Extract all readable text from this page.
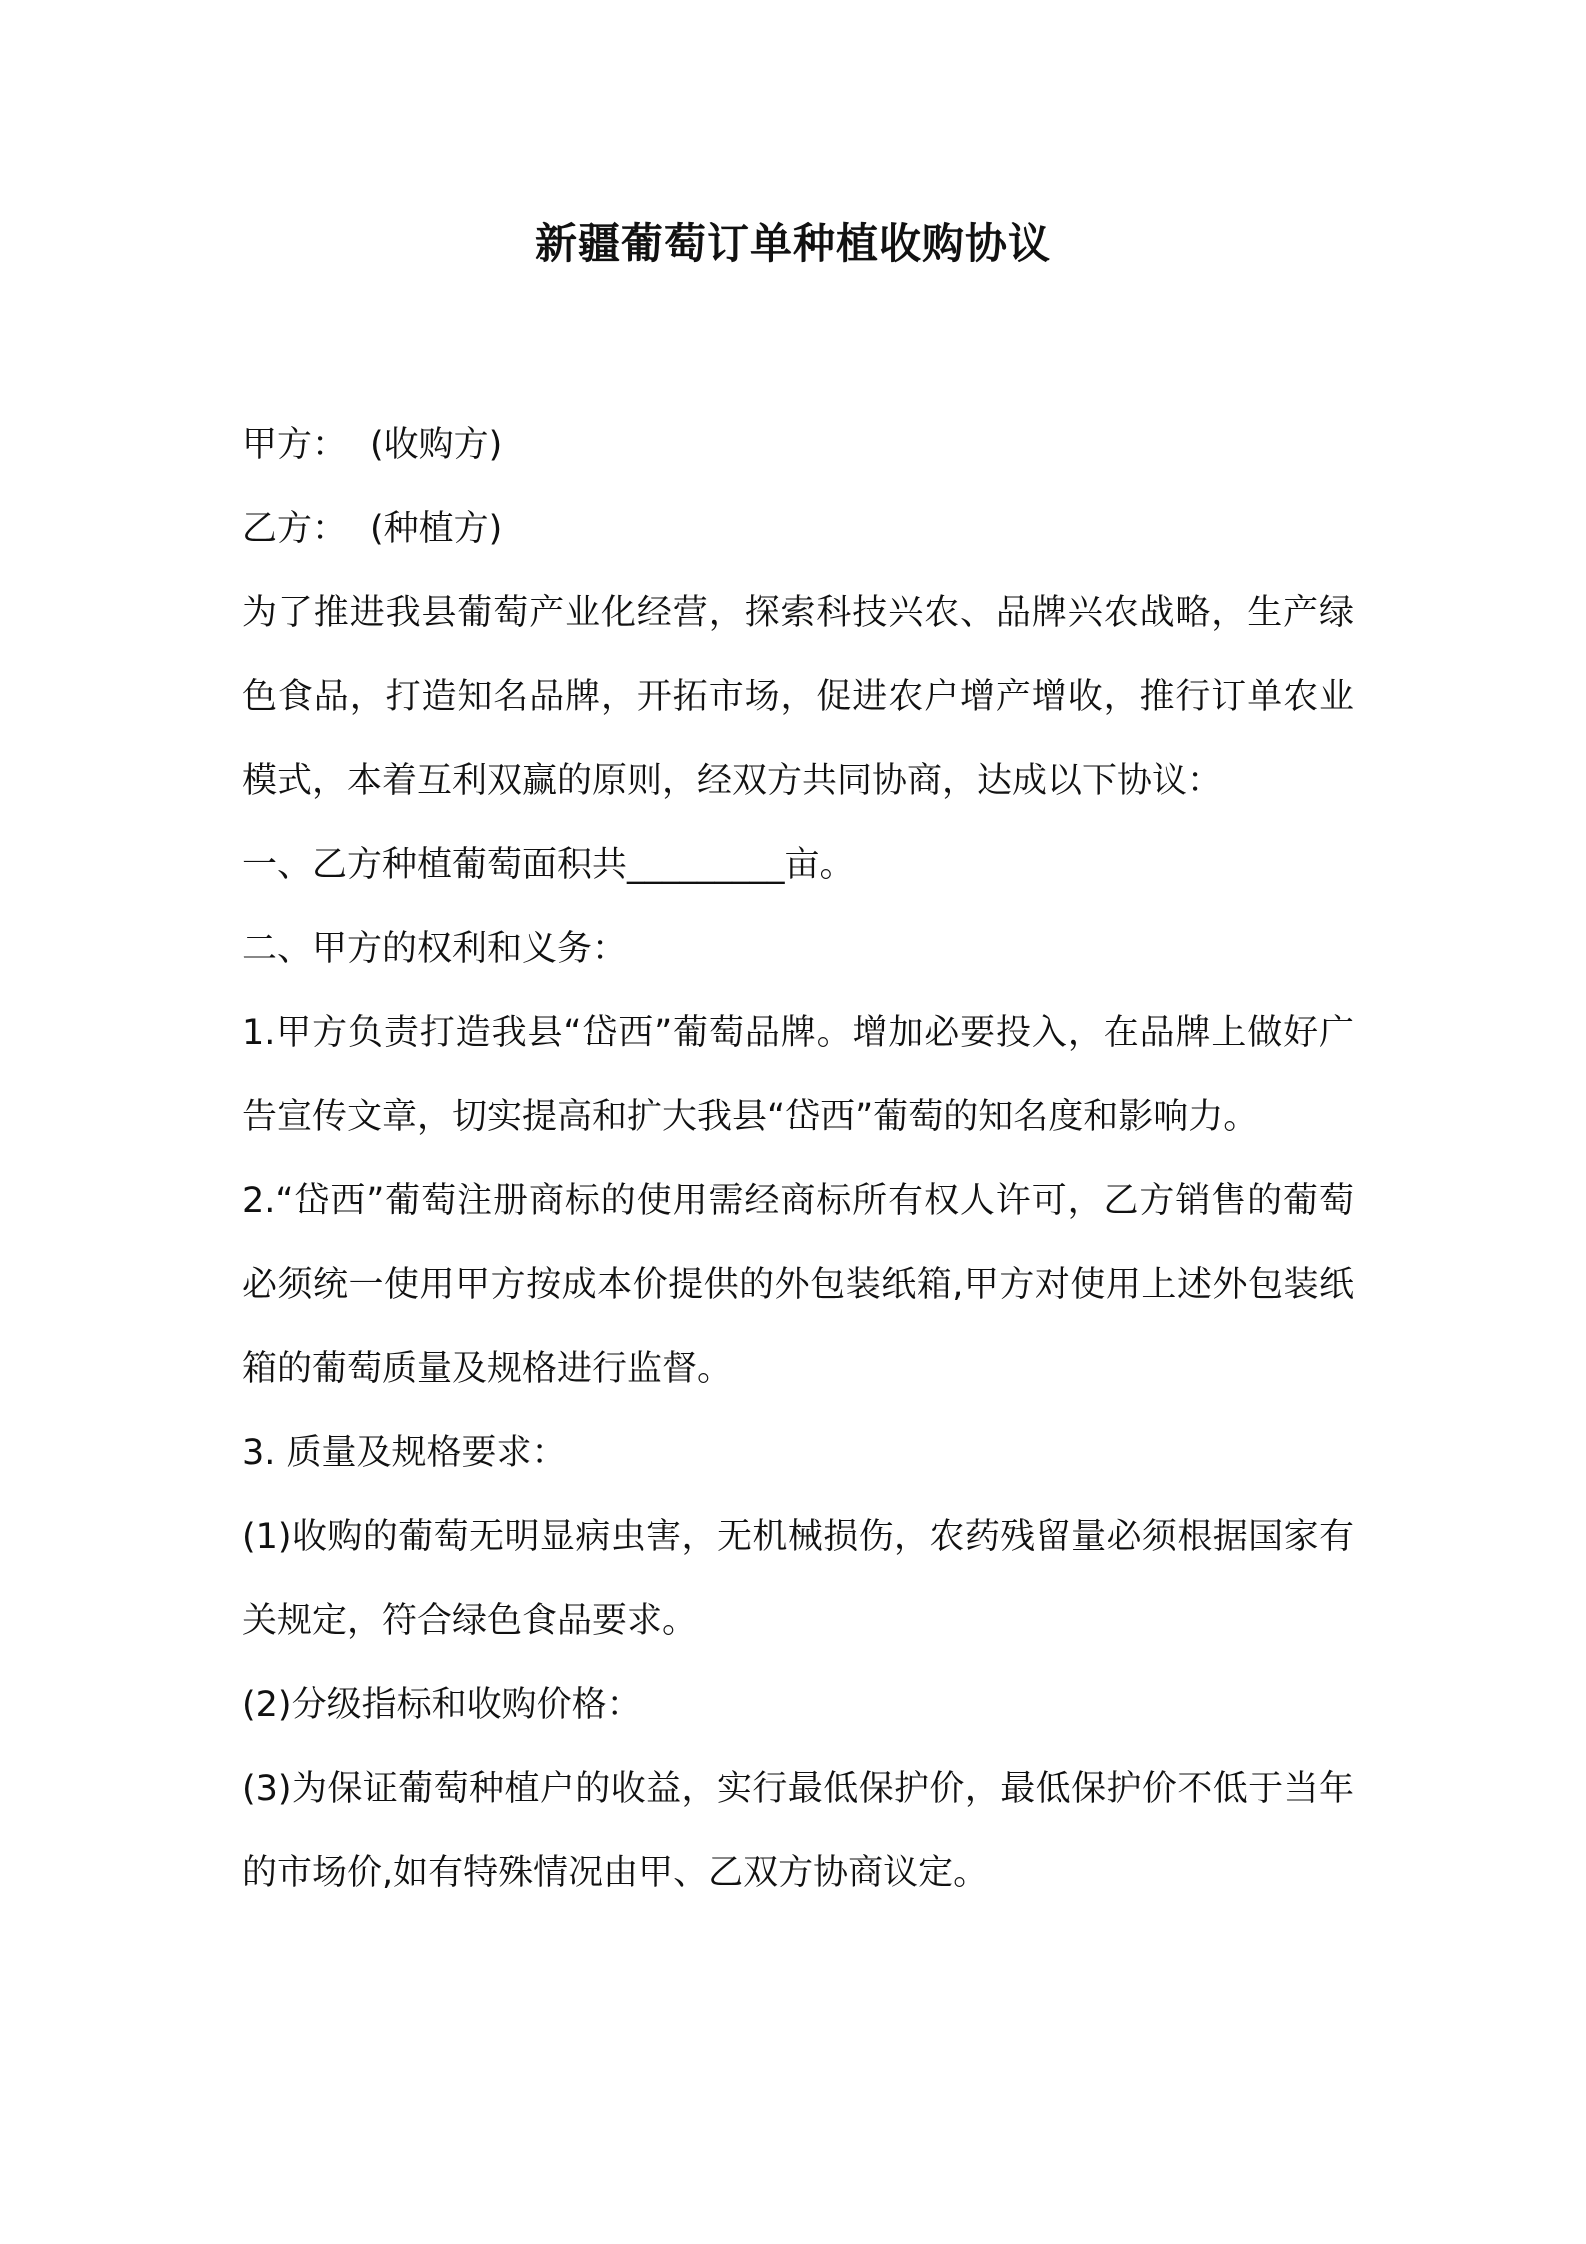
新疆葡萄订单种植收购协议

甲方： (收购方)

乙方： (种植方)

为了推进我县葡萄产业化经营，探索科技兴农、品牌兴农战略，生产绿色食品，打造知名品牌，开拓市场，促进农户增产增收，推行订单农业模式，本着互利双赢的原则，经双方共同协商，达成以下协议：

一、乙方种植葡萄面积共_________亩。

二、甲方的权利和义务：

1.甲方负责打造我县“岱西”葡萄品牌。增加必要投入，在品牌上做好广告宣传文章，切实提高和扩大我县“岱西”葡萄的知名度和影响力。

2.“岱西”葡萄注册商标的使用需经商标所有权人许可，乙方销售的葡萄必须统一使用甲方按成本价提供的外包装纸箱,甲方对使用上述外包装纸箱的葡萄质量及规格进行监督。

3. 质量及规格要求：

(1)收购的葡萄无明显病虫害，无机械损伤，农药残留量必须根据国家有关规定，符合绿色食品要求。

(2)分级指标和收购价格：

(3)为保证葡萄种植户的收益，实行最低保护价，最低保护价不低于当年的市场价,如有特殊情况由甲、乙双方协商议定。
